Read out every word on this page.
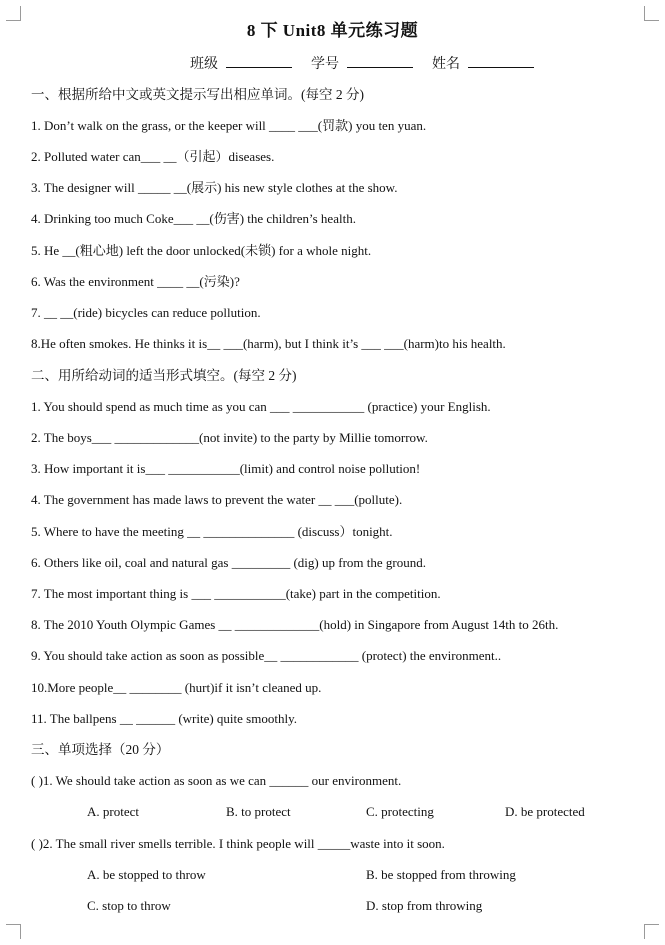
8 下 Unit8 单元练习题
班级	学号	姓名
一、根据所给中文或英文提示写出相应单词。(每空 2 分)
1. Don’t walk on the grass, or the keeper will ____ ___(罚款) you ten yuan.
2. Polluted water can___ __（引起）diseases.
3. The designer will _____ __(展示) his new style clothes at the show.
4. Drinking too much Coke___ __(伤害) the children’s health.
5. He __(粗心地) left the door unlocked(未锁) for a whole night.
6. Was the environment ____ __(污染)?
7. __ __(ride) bicycles can reduce pollution.
8.He often smokes. He thinks it is__ ___(harm), but I think it’s ___ ___(harm)to his health.
二、用所给动词的适当形式填空。(每空 2 分)
1. You should spend as much time as you can ___ ___________ (practice) your English.
2. The boys___ _____________(not invite) to the party by Millie tomorrow.
3. How important it is___ ___________(limit) and control noise pollution!
4. The government has made laws to prevent the water __ ___(pollute).
5. Where to have the meeting __ ______________ (discuss）tonight.
6. Others like oil, coal and natural gas _________ (dig) up from the ground.
7. The most important thing is ___ ___________(take) part in the competition.
8. The 2010 Youth Olympic Games __ _____________(hold) in Singapore from August 14th to 26th.
9. You should take action as soon as possible__ ____________ (protect) the environment..
10.More people__ ________ (hurt)if it isn’t cleaned up.
11. The ballpens __ ______ (write) quite smoothly.
三、单项选择（20 分）
( )1. We should take action as soon as we can ______ our environment.
A. protect	B. to protect	C. protecting	D. be protected
( )2. The small river smells terrible. I think people will _____waste into it soon.
A. be stopped to throw	B. be stopped from throwing
C. stop to throw	D. stop from throwing
